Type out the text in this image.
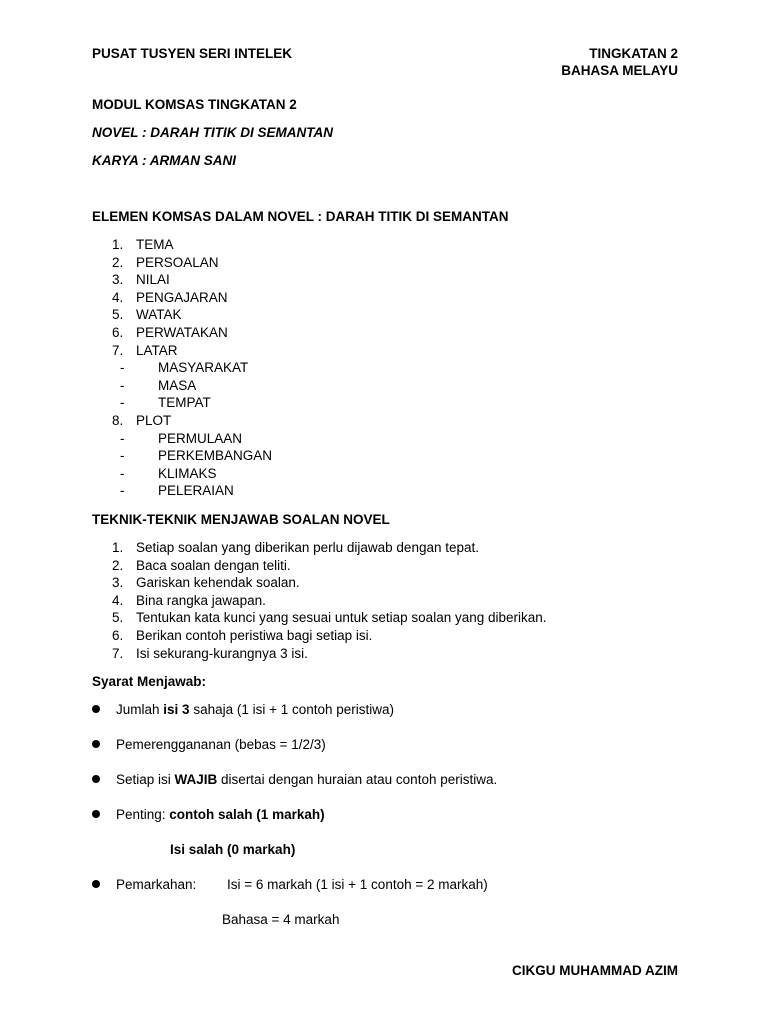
PUSAT TUSYEN SERI INTELEK	TINGKATAN 2
BAHASA MELAYU
MODUL KOMSAS TINGKATAN 2
NOVEL : DARAH TITIK DI SEMANTAN
KARYA : ARMAN SANI
ELEMEN KOMSAS DALAM NOVEL : DARAH TITIK DI SEMANTAN
1. TEMA
2. PERSOALAN
3. NILAI
4. PENGAJARAN
5. WATAK
6. PERWATAKAN
7. LATAR
- MASYARAKAT
- MASA
- TEMPAT
8. PLOT
- PERMULAAN
- PERKEMBANGAN
- KLIMAKS
- PELERAIAN
TEKNIK-TEKNIK MENJAWAB SOALAN NOVEL
1. Setiap soalan yang diberikan perlu dijawab dengan tepat.
2. Baca soalan dengan teliti.
3. Gariskan kehendak soalan.
4. Bina rangka jawapan.
5. Tentukan kata kunci yang sesuai untuk setiap soalan yang diberikan.
6. Berikan contoh peristiwa bagi setiap isi.
7. Isi sekurang-kurangnya 3 isi.
Syarat Menjawab:
Jumlah isi 3 sahaja (1 isi + 1 contoh peristiwa)
Pemerenggananan (bebas = 1/2/3)
Setiap isi WAJIB disertai dengan huraian atau contoh peristiwa.
Penting: contoh salah (1 markah)
Isi salah (0 markah)
Pemarkahan: Isi = 6 markah (1 isi + 1 contoh = 2 markah)
Bahasa = 4 markah
CIKGU MUHAMMAD AZIM
